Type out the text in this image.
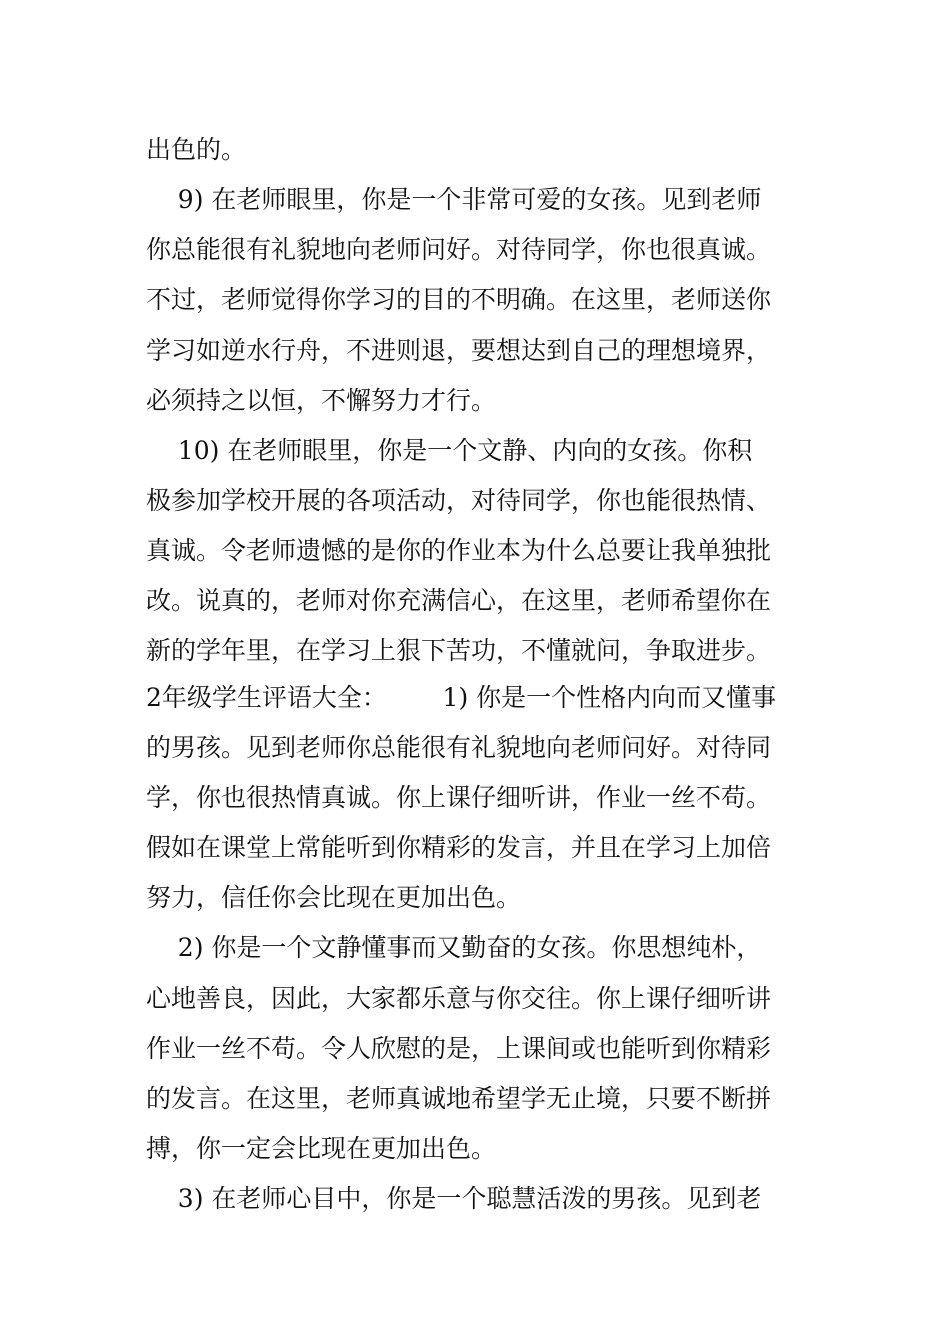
出色的。

9) 在老师眼里，你是一个非常可爱的女孩。见到老师

你总能很有礼貌地向老师问好。对待同学，你也很真诚。

不过，老师觉得你学习的目的不明确。在这里，老师送你

学习如逆水行舟，不进则退，要想达到自己的理想境界，

必须持之以恒，不懈努力才行。

10) 在老师眼里，你是一个文静、内向的女孩。你积

极参加学校开展的各项活动，对待同学，你也能很热情、

真诚。令老师遗憾的是你的作业本为什么总要让我单独批

改。说真的，老师对你充满信心，在这里，老师希望你在

新的学年里，在学习上狠下苦功，不懂就问，争取进步。

2年级学生评语大全：       1) 你是一个性格内向而又懂事

的男孩。见到老师你总能很有礼貌地向老师问好。对待同

学，你也很热情真诚。你上课仔细听讲，作业一丝不苟。

假如在课堂上常能听到你精彩的发言，并且在学习上加倍

努力，信任你会比现在更加出色。

2) 你是一个文静懂事而又勤奋的女孩。你思想纯朴，

心地善良，因此，大家都乐意与你交往。你上课仔细听讲

作业一丝不苟。令人欣慰的是，上课间或也能听到你精彩

的发言。在这里，老师真诚地希望学无止境，只要不断拼

搏，你一定会比现在更加出色。

3) 在老师心目中，你是一个聪慧活泼的男孩。见到老
